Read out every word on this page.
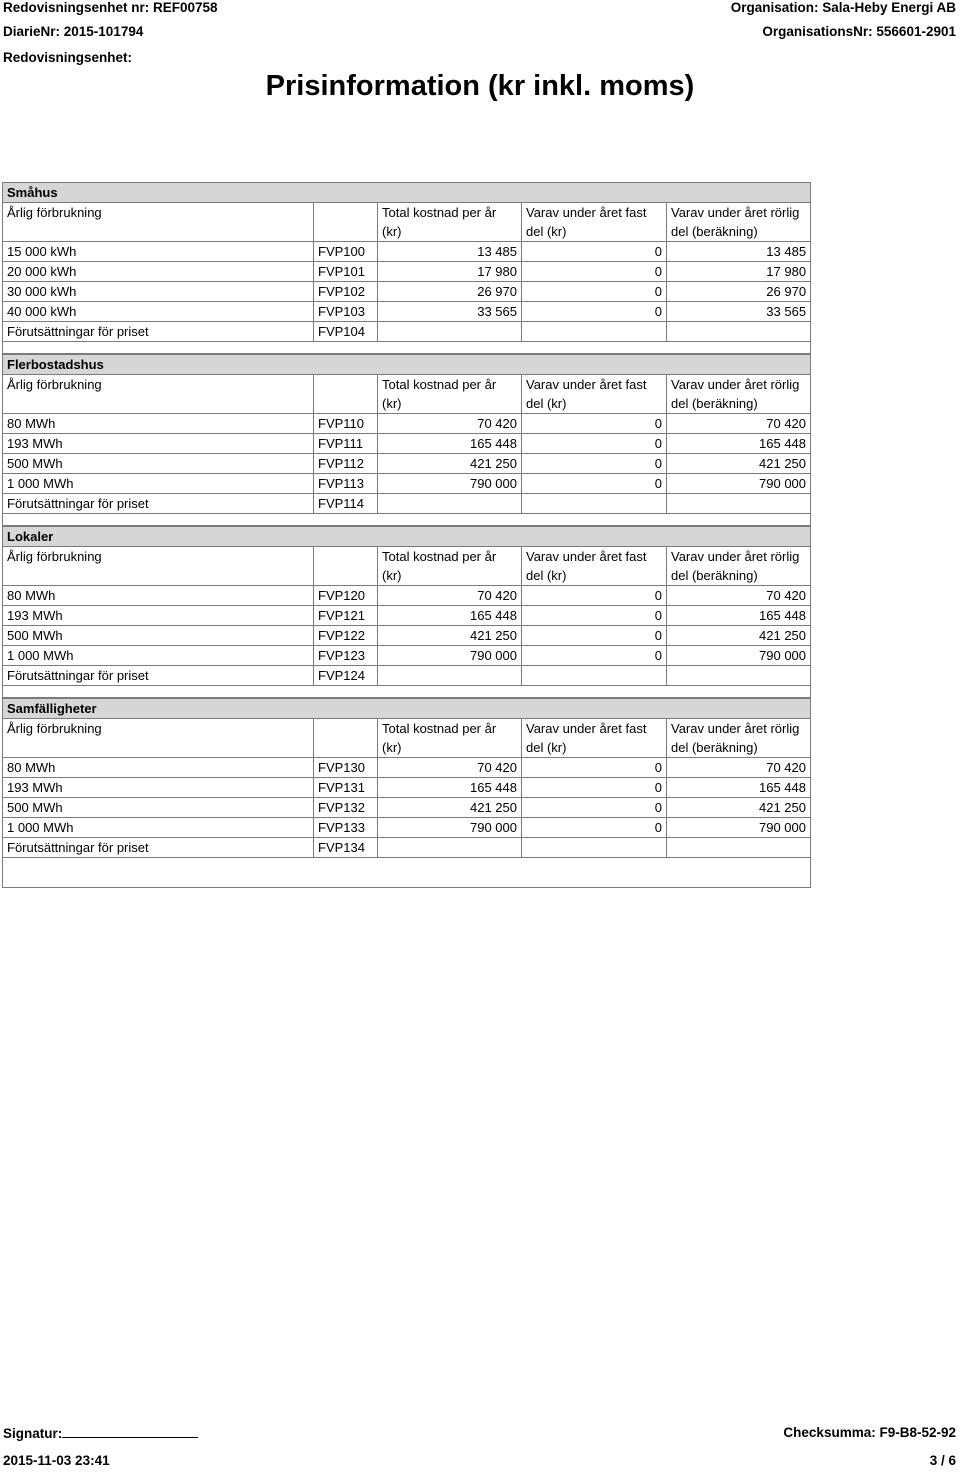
Redovisningsenhet nr: REF00758
DiarieNr: 2015-101794
Redovisningsenhet:
Organisation: Sala-Heby Energi AB
OrganisationsNr: 556601-2901
Prisinformation (kr inkl. moms)
Småhus				
Årlig förbrukning		Total kostnad per år (kr)	Varav under året fast del (kr)	Varav under året rörlig del (beräkning)
15 000 kWh	FVP100	13 485	0	13 485
20 000 kWh	FVP101	17 980	0	17 980
30 000 kWh	FVP102	26 970	0	26 970
40 000 kWh	FVP103	33 565	0	33 565
Förutsättningar för priset	FVP104			

Flerbostadshus				
Årlig förbrukning		Total kostnad per år (kr)	Varav under året fast del (kr)	Varav under året rörlig del (beräkning)
80 MWh	FVP110	70 420	0	70 420
193 MWh	FVP111	165 448	0	165 448
500 MWh	FVP112	421 250	0	421 250
1 000 MWh	FVP113	790 000	0	790 000
Förutsättningar för priset	FVP114			

Lokaler				
Årlig förbrukning		Total kostnad per år (kr)	Varav under året fast del (kr)	Varav under året rörlig del (beräkning)
80 MWh	FVP120	70 420	0	70 420
193 MWh	FVP121	165 448	0	165 448
500 MWh	FVP122	421 250	0	421 250
1 000 MWh	FVP123	790 000	0	790 000
Förutsättningar för priset	FVP124			

Samfälligheter				
Årlig förbrukning		Total kostnad per år (kr)	Varav under året fast del (kr)	Varav under året rörlig del (beräkning)
80 MWh	FVP130	70 420	0	70 420
193 MWh	FVP131	165 448	0	165 448
500 MWh	FVP132	421 250	0	421 250
1 000 MWh	FVP133	790 000	0	790 000
Förutsättningar för priset	FVP134			

Signatur:	Checksumma: F9-B8-52-92
2015-11-03 23:41	3 / 6
